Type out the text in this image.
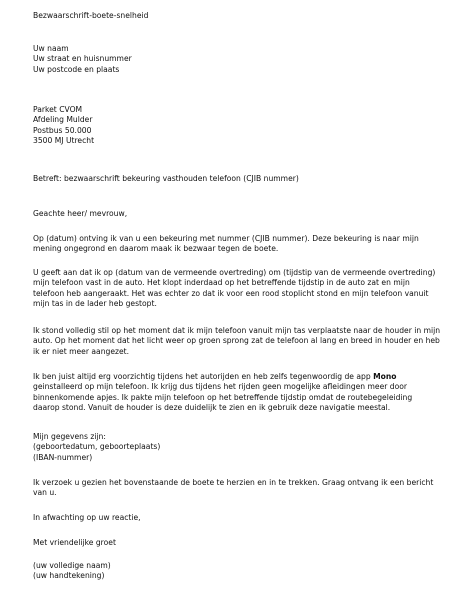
Bezwaarschrift-boete-snelheid

Uw naam

Uw straat en huisnummer

Uw postcode en plaats

Parket CVOM

Afdeling Mulder

Postbus 50.000

3500 MJ Utrecht

Betreft: bezwaarschrift bekeuring vasthouden telefoon (CJIB nummer)
Geachte heer/ mevrouw,
Op (datum) ontving ik van u een bekeuring met nummer (CJIB nummer). Deze bekeuring is naar mijn mening ongegrond en daarom maak ik bezwaar tegen de boete.
U geeft aan dat ik op (datum van de vermeende overtreding) om (tijdstip van de vermeende overtreding) mijn telefoon vast in de auto. Het klopt inderdaad op het betreffende tijdstip in de auto zat en mijn telefoon heb aangeraakt. Het was echter zo dat ik voor een rood stoplicht stond en mijn telefoon vanuit mijn tas in de lader heb gestopt.
Ik stond volledig stil op het moment dat ik mijn telefoon vanuit mijn tas verplaatste naar de houder in mijn auto. Op het moment dat het licht weer op groen sprong zat de telefoon al lang en breed in houder en heb ik er niet meer aangezet.
Ik ben juist altijd erg voorzichtig tijdens het autorijden en heb zelfs tegenwoordig de app Mono geinstalleerd op mijn telefoon. Ik krijg dus tijdens het rijden geen mogelijke afleidingen meer door binnenkomende apjes. Ik pakte mijn telefoon op het betreffende tijdstip omdat de routebegeleiding daarop stond. Vanuit de houder is deze duidelijk te zien en ik gebruik deze navigatie meestal.

Mijn gegevens zijn:

(geboortedatum, geboorteplaats)

(IBAN-nummer)

Ik verzoek u gezien het bovenstaande de boete te herzien en in te trekken. Graag ontvang ik een bericht van u.
In afwachting op uw reactie,
Met vriendelijke groet

(uw volledige naam)

(uw handtekening)
